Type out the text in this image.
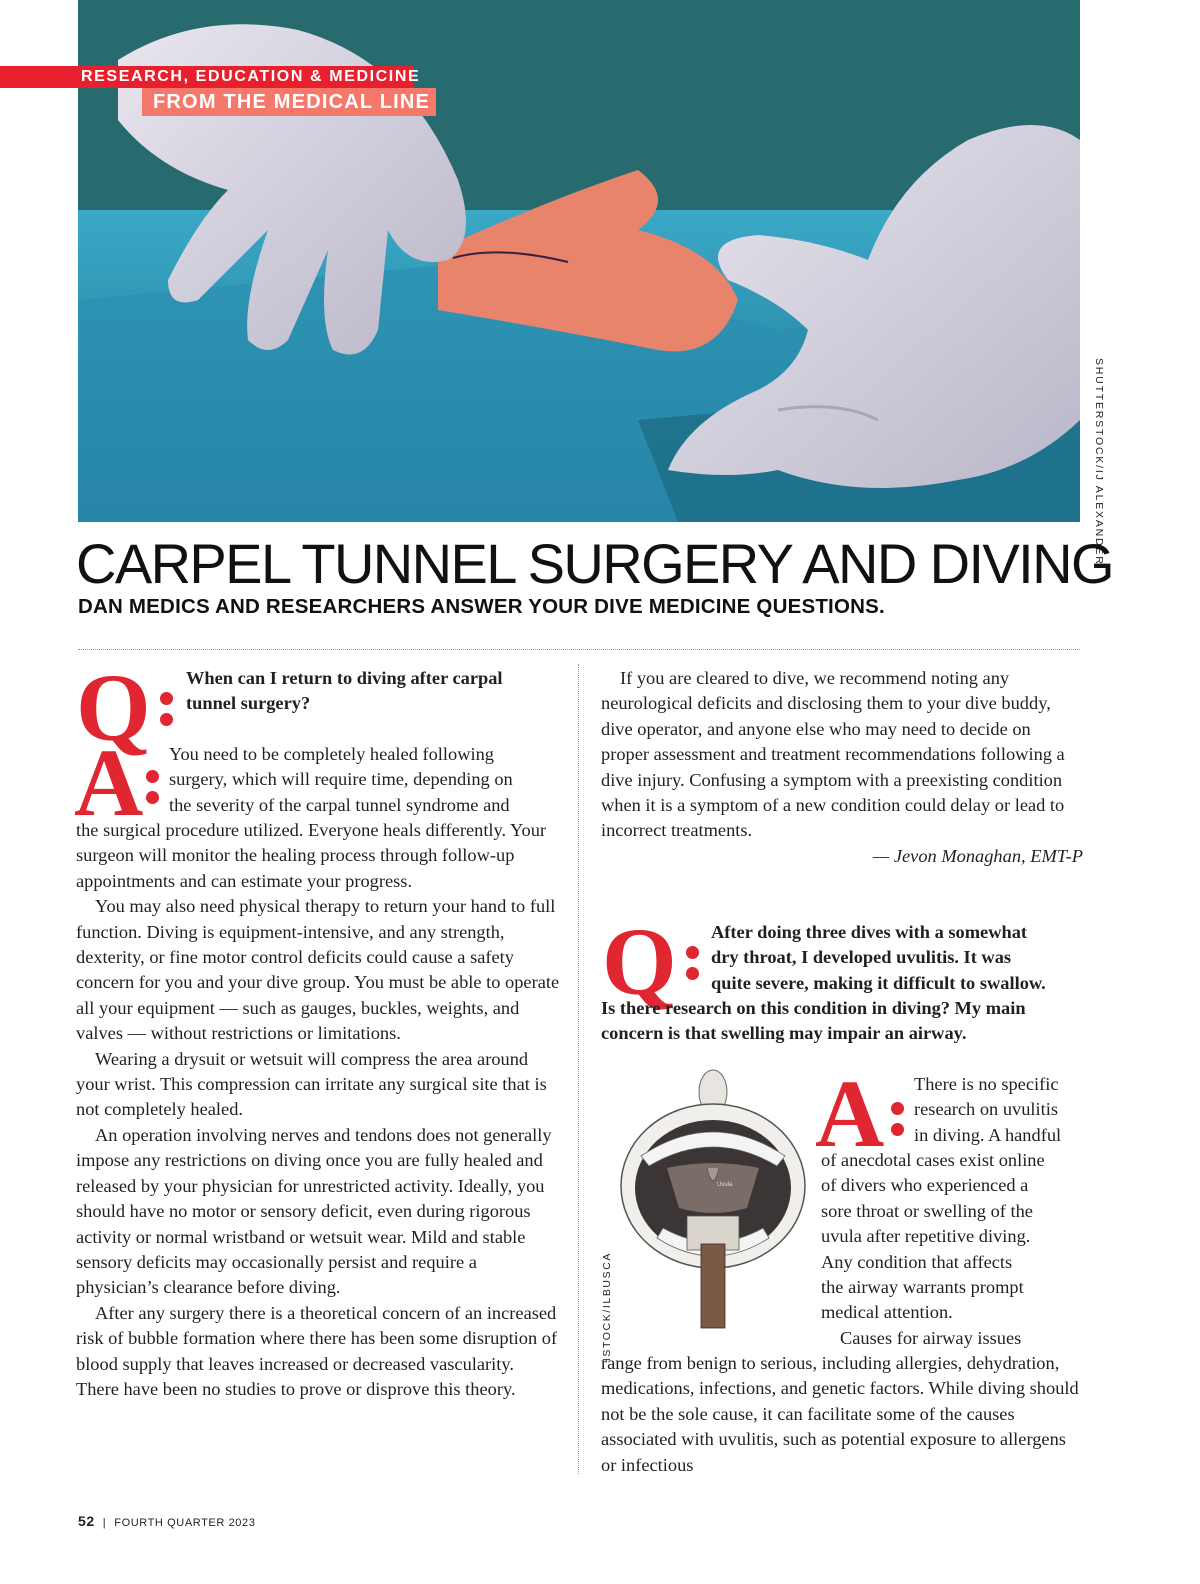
RESEARCH, EDUCATION & MEDICINE
FROM THE MEDICAL LINE
SHUTTERSTOCK/IJ ALEXANDER
CARPEL TUNNEL SURGERY AND DIVING
DAN MEDICS AND RESEARCHERS ANSWER YOUR DIVE MEDICINE QUESTIONS.
Q When can I return to diving after carpal
tunnel surgery?
A You need to be completely healed following
surgery, which will require time, depending on
the severity of the carpal tunnel syndrome and

the surgical procedure utilized. Everyone heals differently. Your surgeon will monitor the healing process through follow-up appointments and can estimate your progress.

You may also need physical therapy to return your hand to full function. Diving is equipment-intensive, and any strength, dexterity, or fine motor control deficits could cause a safety concern for you and your dive group. You must be able to operate all your equipment — such as gauges, buckles, weights, and valves — without restrictions or limitations.

Wearing a drysuit or wetsuit will compress the area around your wrist. This compression can irritate any surgical site that is not completely healed.

An operation involving nerves and tendons does not generally impose any restrictions on diving once you are fully healed and released by your physician for unrestricted activity. Ideally, you should have no motor or sensory deficit, even during rigorous activity or normal wristband or wetsuit wear. Mild and stable sensory deficits may occasionally persist and require a physician’s clearance before diving.

After any surgery there is a theoretical concern of an increased risk of bubble formation where there has been some disruption of blood supply that leaves increased or decreased vascularity. There have been no studies to prove or disprove this theory.

If you are cleared to dive, we recommend noting any neurological deficits and disclosing them to your dive buddy, dive operator, and anyone else who may need to decide on proper assessment and treatment recommendations following a dive injury. Confusing a symptom with a preexisting condition when it is a symptom of a new condition could delay or lead to incorrect treatments.

— Jevon Monaghan, EMT-P
Q After doing three dives with a somewhat
dry throat, I developed uvulitis. It was
quite severe, making it difficult to swallow.
Is there research on this condition in diving? My main concern is that swelling may impair an airway.
Uvula
ISTOCK/ILBUSCA
A There is no specific
research on uvulitis
in diving. A handful
of anecdotal cases exist online
of divers who experienced a
sore throat or swelling of the
uvula after repetitive diving.
Any condition that affects
the airway warrants prompt
medical attention.
Causes for airway issues

range from benign to serious, including allergies, dehydration, medications, infections, and genetic factors. While diving should not be the sole cause, it can facilitate some of the causes associated with uvulitis, such as potential exposure to allergens or infectious

52 | FOURTH QUARTER 2023
